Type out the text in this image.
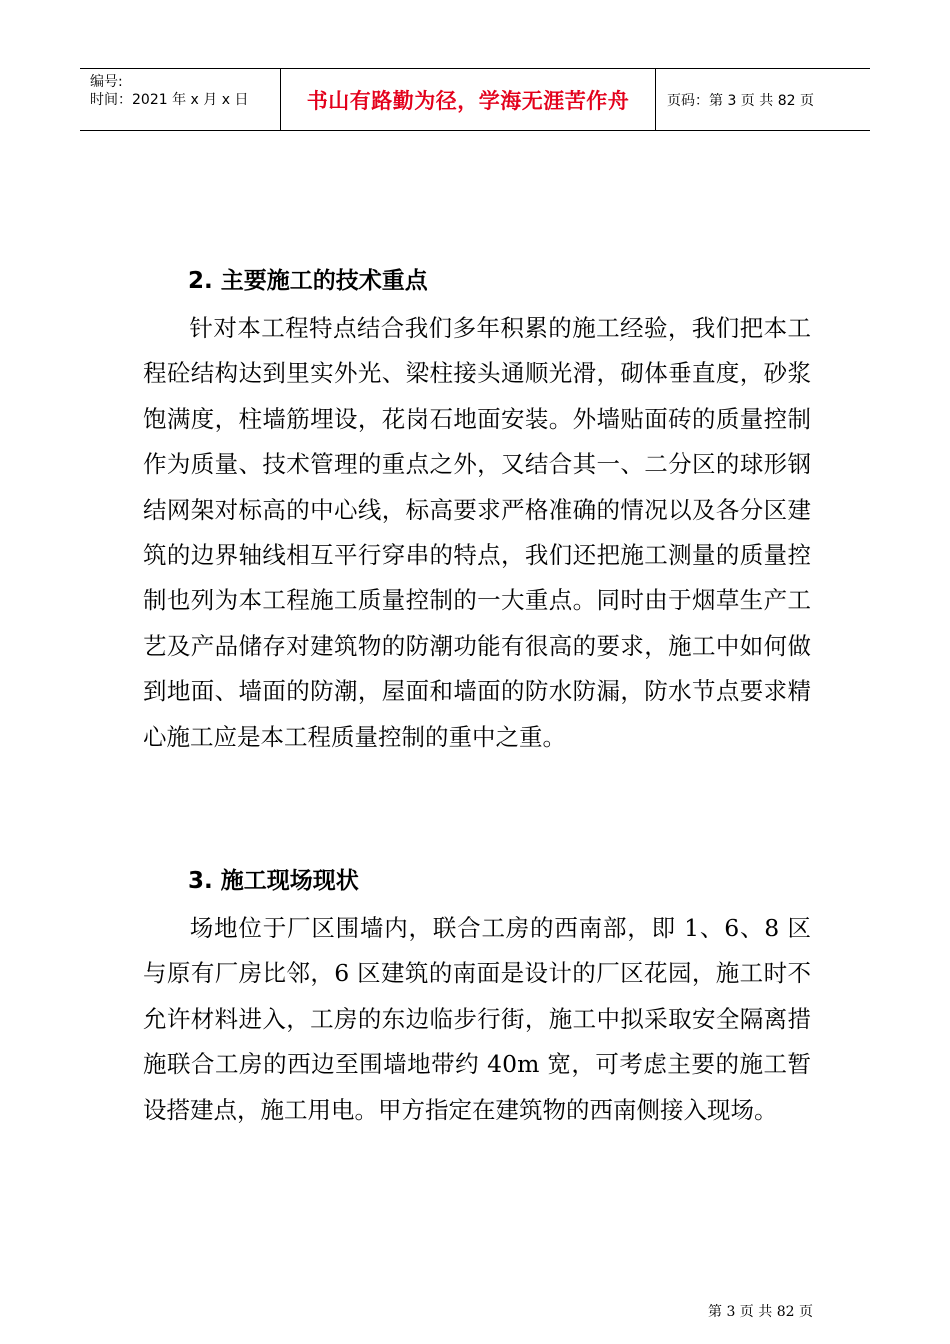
编号:
时间：2021 年 x 月 x 日	书山有路勤为径，学海无涯苦作舟	页码：第 3 页 共 82 页
2. 主要施工的技术重点

针对本工程特点结合我们多年积累的施工经验，我们把本工程砼结构达到里实外光、梁柱接头通顺光滑，砌体垂直度，砂浆饱满度，柱墙筋埋设，花岗石地面安装。外墙贴面砖的质量控制作为质量、技术管理的重点之外，又结合其一、二分区的球形钢结网架对标高的中心线，标高要求严格准确的情况以及各分区建筑的边界轴线相互平行穿串的特点，我们还把施工测量的质量控制也列为本工程施工质量控制的一大重点。同时由于烟草生产工艺及产品储存对建筑物的防潮功能有很高的要求，施工中如何做到地面、墙面的防潮，屋面和墙面的防水防漏，防水节点要求精心施工应是本工程质量控制的重中之重。

3. 施工现场现状

场地位于厂区围墙内，联合工房的西南部，即 1、6、8 区与原有厂房比邻，6 区建筑的南面是设计的厂区花园，施工时不允许材料进入，工房的东边临步行街，施工中拟采取安全隔离措施联合工房的西边至围墙地带约 40m 宽，可考虑主要的施工暂设搭建点，施工用电。甲方指定在建筑物的西南侧接入现场。

第 3 页 共 82 页
